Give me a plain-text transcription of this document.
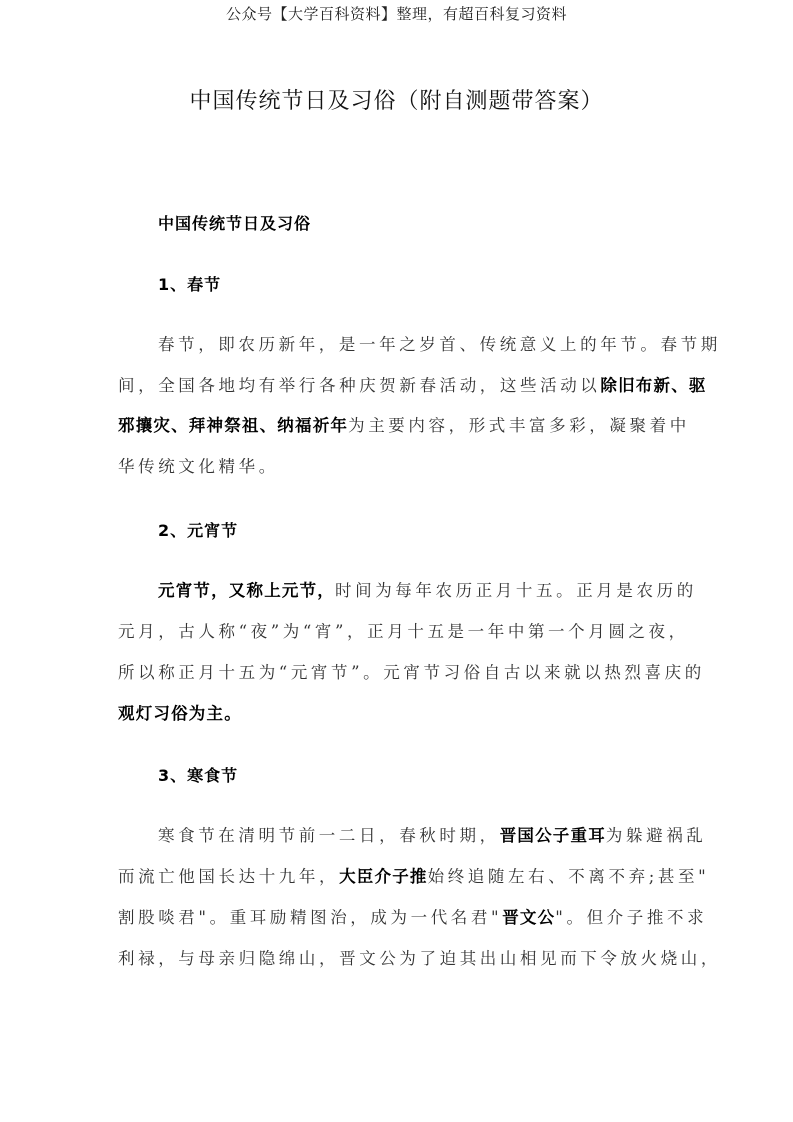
公众号【大学百科资料】整理，有超百科复习资料
中国传统节日及习俗（附自测题带答案）
中国传统节日及习俗
1、春节
春节，即农历新年，是一年之岁首、传统意义上的年节。春节期
间，全国各地均有举行各种庆贺新春活动，这些活动以除旧布新、驱
邪攘灾、拜神祭祖、纳福祈年为主要内容，形式丰富多彩，凝聚着中
华传统文化精华。
2、元宵节
元宵节，又称上元节，时间为每年农历正月十五。正月是农历的
元月，古人称“夜”为“宵”，正月十五是一年中第一个月圆之夜，
所以称正月十五为“元宵节”。元宵节习俗自古以来就以热烈喜庆的
观灯习俗为主。
3、寒食节
寒食节在清明节前一二日，春秋时期，晋国公子重耳为躲避祸乱
而流亡他国长达十九年，大臣介子推始终追随左右、不离不弃;甚至"
割股啖君"。重耳励精图治，成为一代名君"晋文公"。但介子推不求
利禄，与母亲归隐绵山，晋文公为了迫其出山相见而下令放火烧山，
